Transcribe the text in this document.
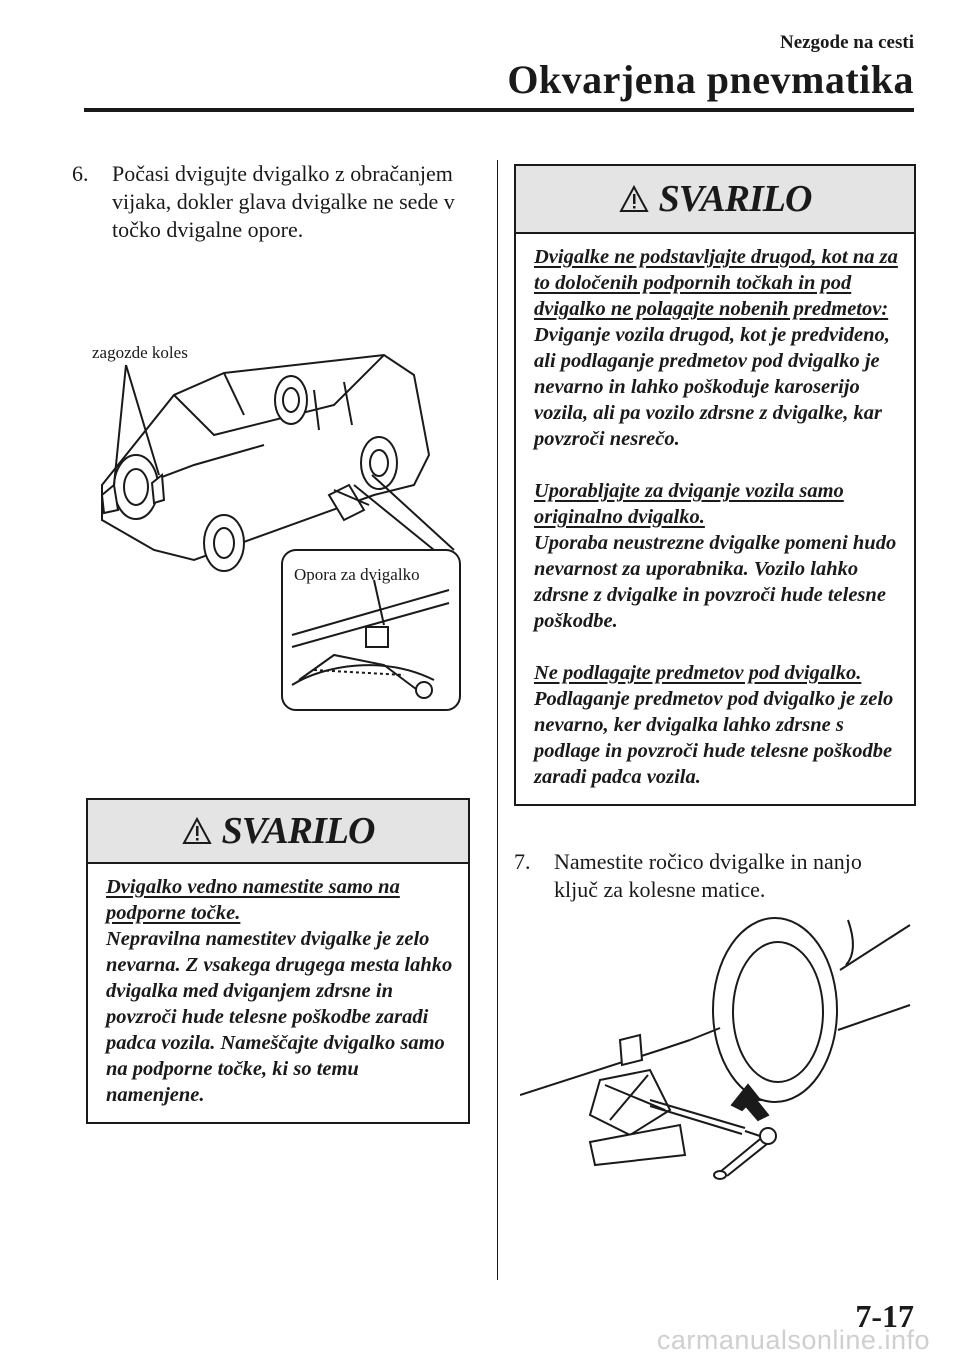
Nezgode na cesti
Okvarjena pnevmatika
6. Počasi dvigujte dvigalko z obračanjem vijaka, dokler glava dvigalke ne sede v točko dvigalne opore.
zagozde koles
Opora za dvigalko
SVARILO

Dvigalko vedno namestite samo na podporne točke.

Nepravilna namestitev dvigalke je zelo nevarna. Z vsakega drugega mesta lahko dvigalka med dviganjem zdrsne in povzroči hude telesne poškodbe zaradi padca vozila. Nameščajte dvigalko samo na podporne točke, ki so temu namenjene.

SVARILO

Dvigalke ne podstavljajte drugod, kot na za to določenih podpornih točkah in pod dvigalko ne polagajte nobenih predmetov:

Dviganje vozila drugod, kot je predvideno, ali podlaganje predmetov pod dvigalko je nevarno in lahko poškoduje karoserijo vozila, ali pa vozilo zdrsne z dvigalke, kar povzroči nesrečo.

Uporabljajte za dviganje vozila samo originalno dvigalko.

Uporaba neustrezne dvigalke pomeni hudo nevarnost za uporabnika. Vozilo lahko zdrsne z dvigalke in povzroči hude telesne poškodbe.

Ne podlagajte predmetov pod dvigalko.

Podlaganje predmetov pod dvigalko je zelo nevarno, ker dvigalka lahko zdrsne s podlage in povzroči hude telesne poškodbe zaradi padca vozila.

7. Namestite ročico dvigalke in nanjo ključ za kolesne matice.
7-17
carmanualsonline.info
